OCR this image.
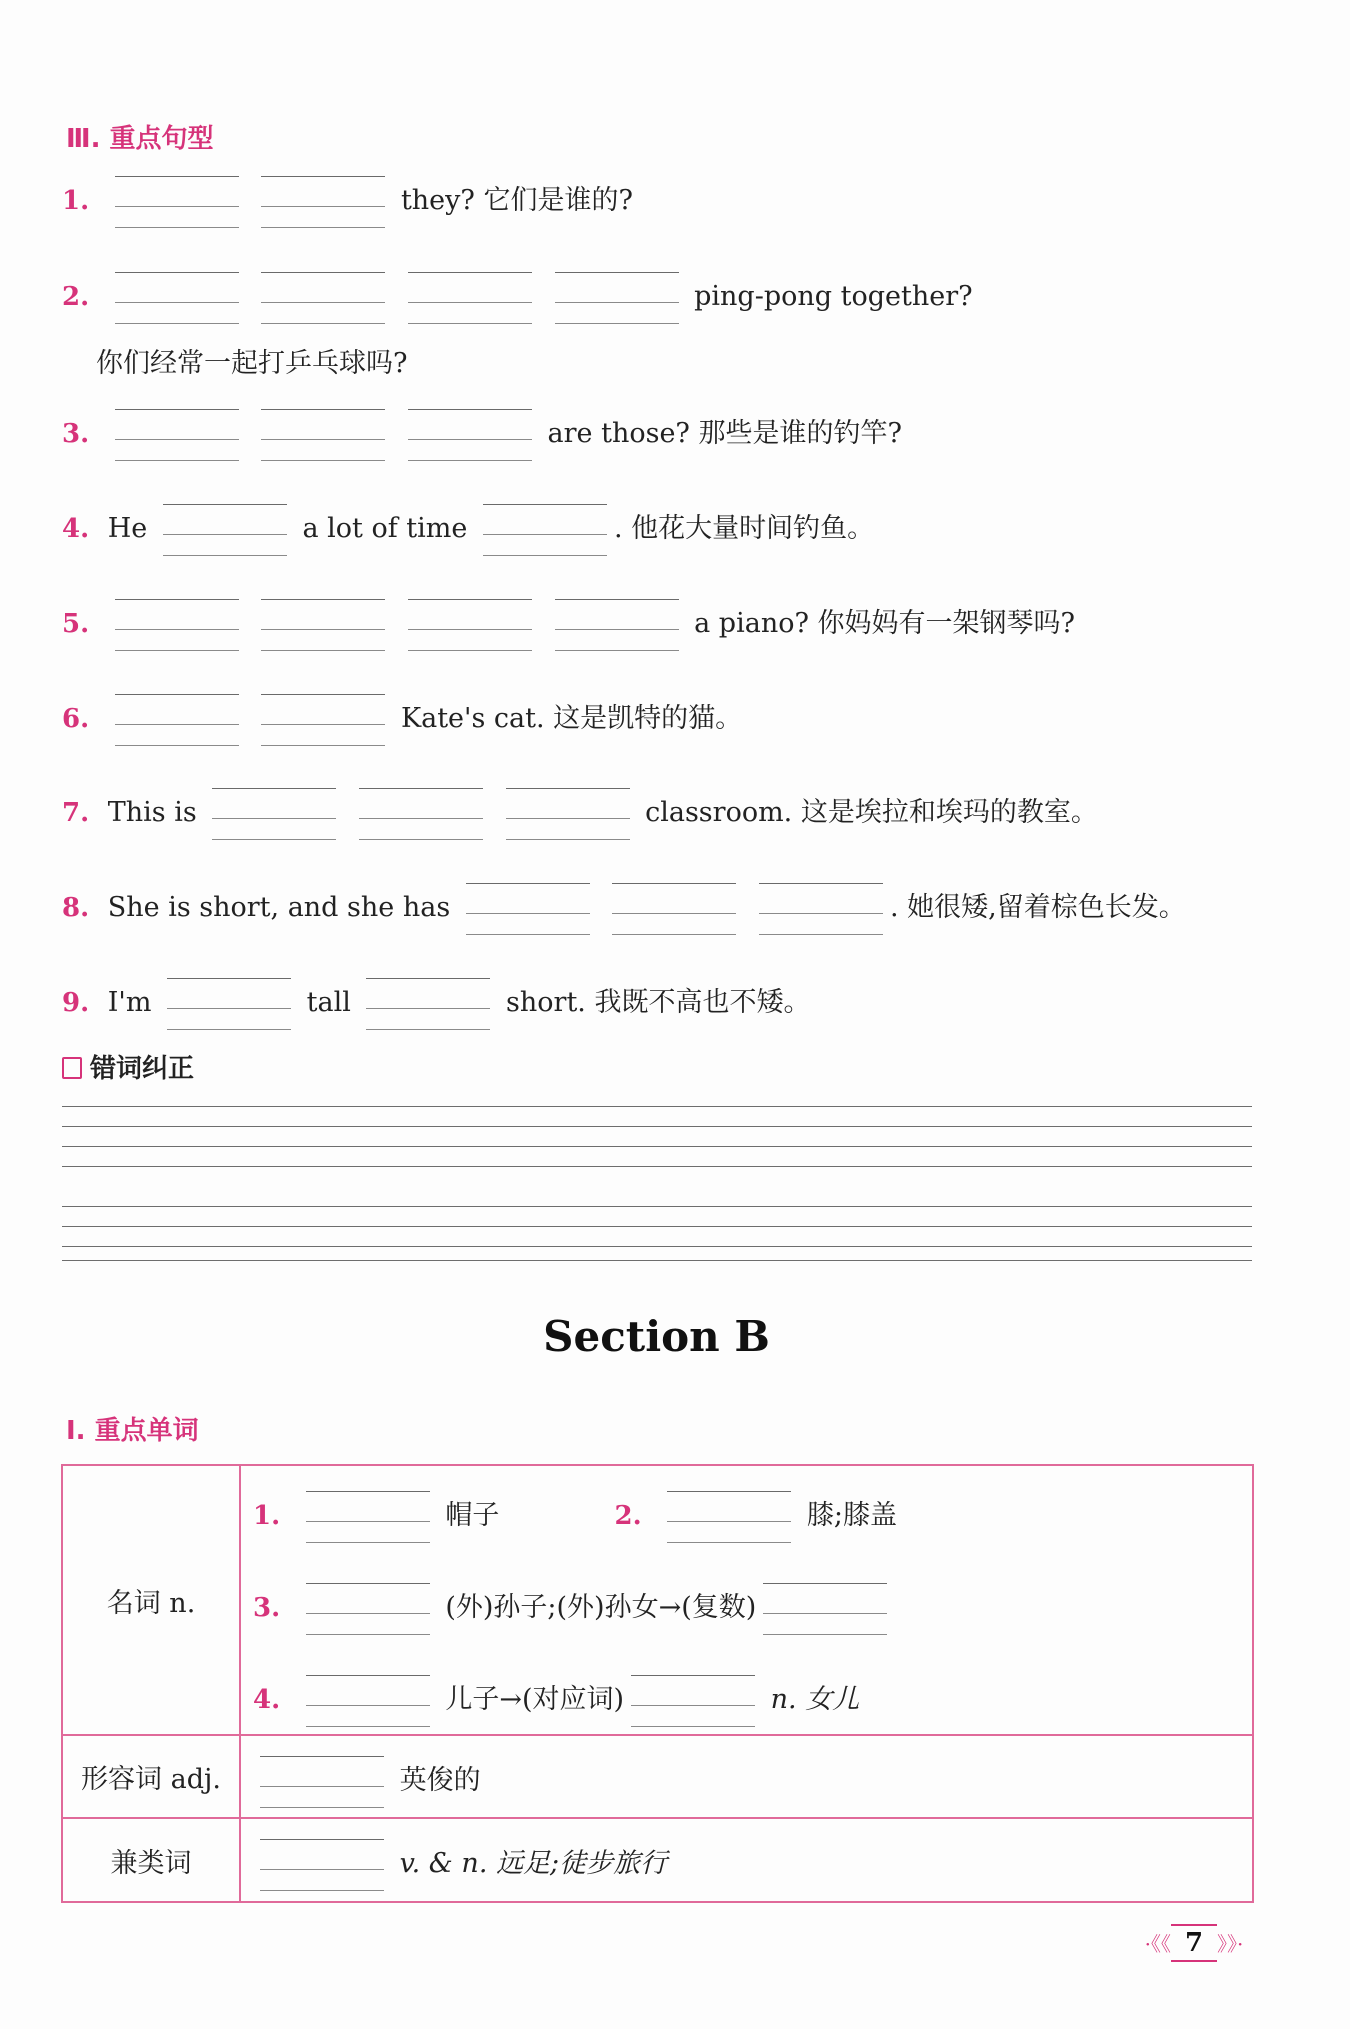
Ⅲ. 重点句型
1.	they? 它们是谁的?
2.	ping-pong together?
你们经常一起打乒乓球吗?
3.	are those? 那些是谁的钓竿?
4. He	a lot of time	. 他花大量时间钓鱼。
5.	a piano? 你妈妈有一架钢琴吗?
6.	Kate's cat. 这是凯特的猫。
7. This is	classroom. 这是埃拉和埃玛的教室。
8. She is short, and she has	. 她很矮,留着棕色长发。
9. I'm	tall	short. 我既不高也不矮。
错词纠正
Section B
Ⅰ. 重点单词
名词 n.	1. 帽子 2. 膝;膝盖
3. (外)孙子;(外)孙女→(复数)
4. 儿子→(对应词) n. 女儿

形容词 adj.	英俊的

兼类词	v. & n. 远足;徒步旅行
·《《 7 》》·
